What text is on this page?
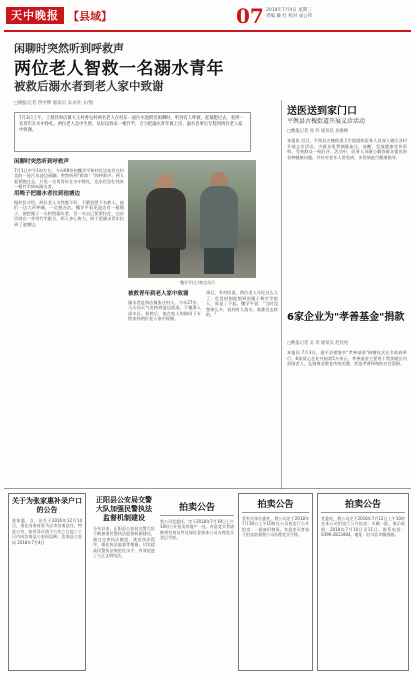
天中晚报 【县域】	07 2018年7月4日 星期三
责编 戴 红 校对 成公伟
闲聊时突然听到呼救声
两位老人智救一名溺水青年
被救后溺水者到老人家中致谢
□晚报记者 晋中博 通讯员 宋永亮 文/图

7月3日上午，上蔡县和店镇大王村香屯村两名老人在村东一座污水池附近闲聊时，听到有人呼救，赶紧跑过去，看到一名青年在水中挣扎，两位老人急中生智，从岸边找来一根竹竿，合力把溺水青年救上岸。溺水者事后专程到两位老人家中致谢。

闲聊时突然听到呼救声
7月1日中午1时左右，今年69岁的魏学平和村民边东臣在村北的一处污水池边闲聊。突然听到"救命！"的呼救声，两人赶紧跑过去，只见一名男青年在水中挣扎，边东臣急忙找来一根竹竿伸向溺水者。
用绳子把溺水者拉到池塘边
据村民介绍，两位老人水性都不好，不敢贸然下水救人。他们一边大声呼喊，一边想办法。魏学平看见池边有一根绳子，便把绳子一头扔给溺水者，另一头自己紧紧拉住，边东臣则在一旁用竹竿配合，两人齐心协力，终于把溺水青年拉到了池塘边。
魏学平(左)和边东臣
被救青年到老人家中致谢
溺水者是和店镇张庄村人，今年27岁，当天因天气炎热到池边洗澡，不慎滑入深水区。获救后，他在家人的陪同下专程来到两位老人家中致谢。
事后，有村民说，两位老人年纪这么大了，危急时刻能想到用绳子和竹竿救人，真是了不起。魏学平说："当时没想那么多，看到有人落水，谁都会去救的。"
送医送到家门口
平舆县古槐街道开展义诊活动
□晚报记者 孙 玲 通讯员 孙俊峰
本报讯 近日，平舆县古槐街道卫生院组织医务人员深入辖区各村开展义诊活动，为群众免费测量血压、血糖，发放健康宣传资料，受到群众一致好评。活动中，医务人员耐心解答群众提出的各种健康问题，并针对老年人常见病、多发病进行健康指导。
6家企业为"孝善基金"捐款
□晚报记者 吴 青 通讯员 赵宛宛
本报讯 7月3日，遂平县褚堡乡"孝善基金"捐赠仪式在乡政府举行，6家爱心企业共捐款5万余元。孝善基金主要用于帮扶辖区内贫困老人，弘扬尊老敬老传统美德，营造孝善和谐的社会氛围。
关于为张家惠补录户口的公告
张家惠，女，出生于2016年12月14日，现在河南省驻马店市汝南县住。特此公告，如有异议请于公告之日起三十日内向汝南县公安局反映。汝南县公安局 2018年7月4日
正阳县公安局交警大队加强民警执法监督机制建设
今年以来，正阳县公安局交警大队不断加强民警执法监督机制建设，通过完善执法制度、规范执法程序、强化执法监督等措施，切实提高民警执法规范化水平，有效促进了公正文明执法。
拍卖公告
我公司受委托，定于2018年7月19日上午10时公开拍卖房地产一处。有意竞买者请携带有效证件及保证金到本公司办理竞买登记手续。
拍卖公告
受有关单位委托，我公司定于2018年7月18日上午10时在公司拍卖厅公开拍卖：一批废旧物资。有意竞买者请于拍卖前到我公司办理竞买手续。
拍卖公告
受委托，我公司定于2018年7月12日上午10时在本公司拍卖厅公开拍卖：车辆一批。展示时间：2018年7月10日至11日。联系电话：0396-2813484。地址：驻马店市解放路。
